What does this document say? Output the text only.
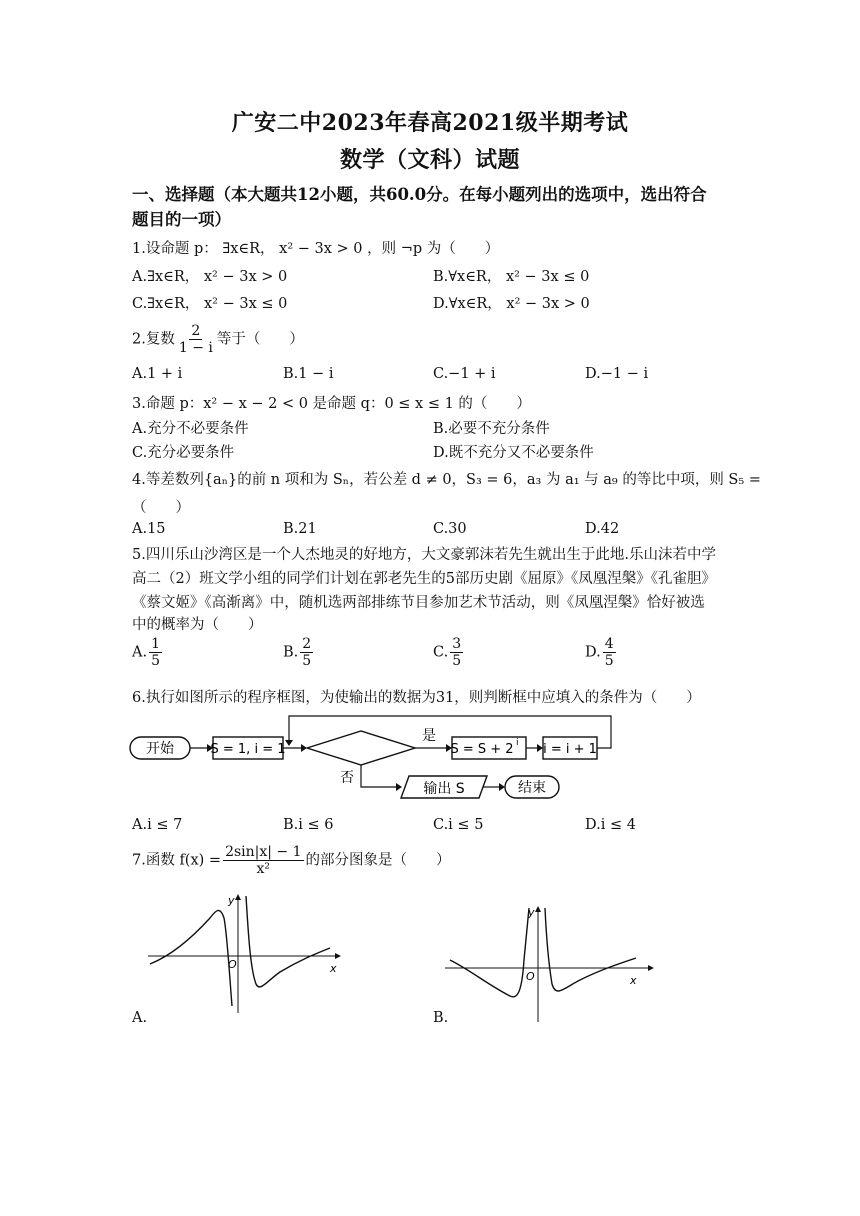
广安二中2023年春高2021级半期考试
数学（文科）试题
一、选择题（本大题共12小题，共60.0分。在每小题列出的选项中，选出符合
题目的一项）
1.设命题 p： ∃x∈R， x² − 3x > 0 ，则 ¬p 为（　　）
A.∃x∈R， x² − 3x > 0	B.∀x∈R， x² − 3x ≤ 0
C.∃x∈R， x² − 3x ≤ 0	D.∀x∈R， x² − 3x > 0
2.复数 $\frac{2}{1 - i}$ 等于（　　）
A.1 + i	B.1 − i	C.−1 + i	D.−1 − i
3.命题 p：x² − x − 2 < 0 是命题 q：0 ≤ x ≤ 1 的（　　）
A.充分不必要条件	B.必要不充分条件
C.充分必要条件	D.既不充分又不必要条件
4.等差数列{aₙ}的前 n 项和为 Sₙ，若公差 d ≠ 0，S₃ = 6，a₃ 为 a₁ 与 a₉ 的等比中项，则 S₅ =
（　　）
A.15	B.21	C.30	D.42
5.四川乐山沙湾区是一个人杰地灵的好地方，大文豪郭沫若先生就出生于此地.乐山沫若中学
高二（2）班文学小组的同学们计划在郭老先生的5部历史剧《屈原》《凤凰涅槃》《孔雀胆》
《蔡文姬》《高渐离》中，随机选两部排练节目参加艺术节活动，则《凤凰涅槃》恰好被选
中的概率为（　　）
A. $\frac{1}{5}$	B. $\frac{2}{5}$	C. $\frac{3}{5}$	D. $\frac{4}{5}$
6.执行如图所示的程序框图，为使输出的数据为31，则判断框中应填入的条件为（　　）
开始	S = 1, i = 1
是
S = S + 2 i i = i + 1
否
输出 S	结束
A.i ≤ 7	B.i ≤ 6	C.i ≤ 5	D.i ≤ 4
7.函数 $f(x) = \frac{2\sin|x| - 1}{\text{x²}}$ 的部分图象是（　　）
y
x
O
A.
y
x
O
B.
